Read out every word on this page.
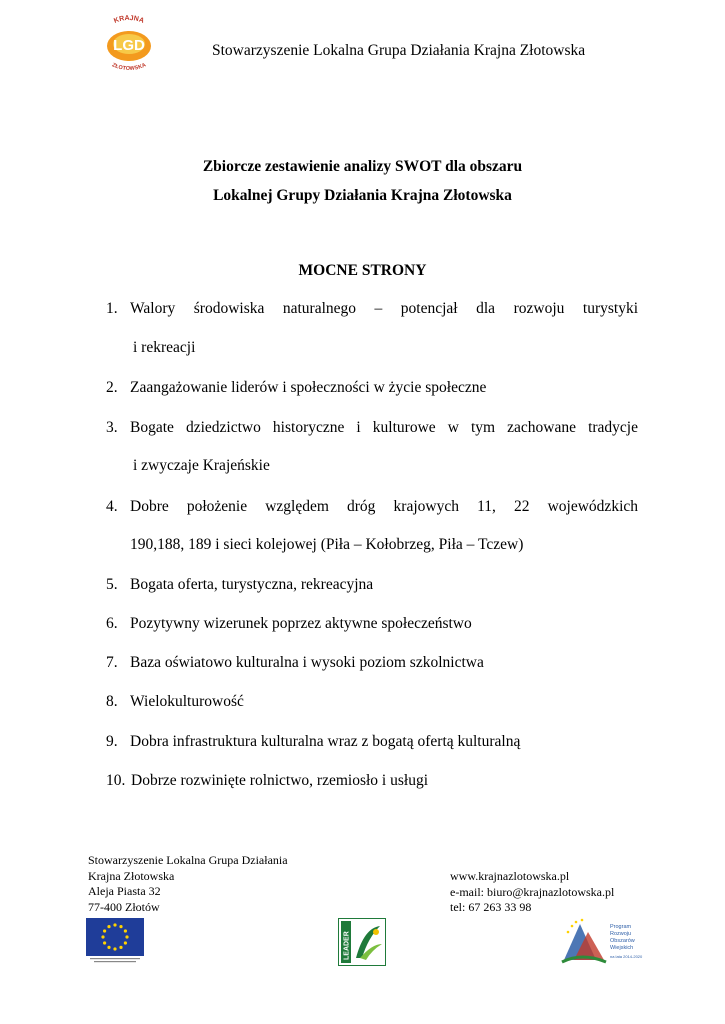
LGD
KRAJNA
ZŁOTOWSKA
Stowarzyszenie Lokalna Grupa Działania Krajna Złotowska
Zbiorcze zestawienie analizy SWOT dla obszaru
Lokalnej Grupy Działania Krajna Złotowska
MOCNE STRONY
1. Walory środowiska naturalnego – potencjał dla rozwoju turystyki
i rekreacji
2. Zaangażowanie liderów i społeczności w życie społeczne
3. Bogate dziedzictwo historyczne i kulturowe w tym zachowane tradycje
i zwyczaje Krajeńskie
4. Dobre położenie względem dróg krajowych 11, 22 wojewódzkich
190,188, 189 i sieci kolejowej (Piła – Kołobrzeg, Piła – Tczew)
5. Bogata oferta, turystyczna, rekreacyjna
6. Pozytywny wizerunek poprzez aktywne społeczeństwo
7. Baza oświatowo kulturalna i wysoki poziom szkolnictwa
8. Wielokulturowość
9. Dobra infrastruktura kulturalna wraz z bogatą ofertą kulturalną
10. Dobrze rozwinięte rolnictwo, rzemiosło i usługi
Stowarzyszenie Lokalna Grupa Działania
Krajna Złotowska
Aleja Piasta 32
77-400 Złotów
www.krajnazlotowska.pl
e-mail: biuro@krajnazlotowska.pl
tel: 67 263 33 98
LEADER
Program Rozwoju Obszarów Wiejskich na lata 2014-2020
